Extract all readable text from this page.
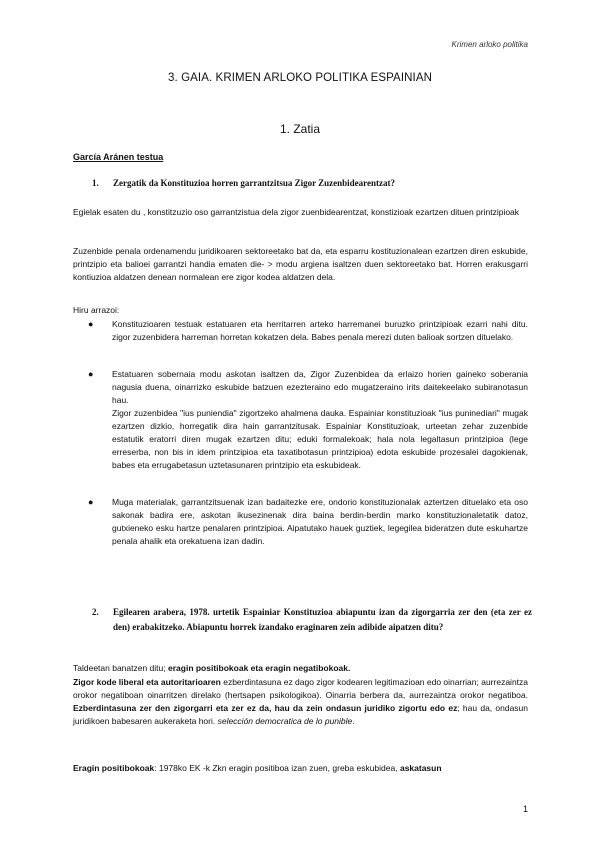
Krimen arloko politika
3. GAIA. KRIMEN ARLOKO POLITIKA ESPAINIAN
1. Zatia
García Aránen testua
1. Zergatik da Konstituzioa horren garrantzitsua Zigor Zuzenbidearentzat?
Egielak esaten du , konstitzuzio oso garrantzistua dela zigor zuenbidearentzat, konstizioak ezartzen dituen printzipioak
Zuzenbide penala ordenamendu juridikoaren sektoreetako bat da, eta esparru kostituzionalean ezartzen diren eskubide, printzipio eta balioei garrantzi handia ematen die- > modu argiena isaltzen duen sektoreetako bat. Horren erakusgarri kontiuzioa aldatzen denean normalean ere zigor kodea aldatzen dela.
Hiru arrazoi:
● Konstituzioaren testuak estatuaren eta herritarren arteko harremanei buruzko printzipioak ezarri nahi ditu. zigor zuzenbidera harreman horretan kokatzen dela. Babes penala merezi duten balioak sortzen dituelako.
● Estatuaren sobernaia modu askotan isaltzen da, Zigor Zuzenbidea da erlaizo horien gaineko soberania nagusia duena, oinarrizko eskubide batzuen ezezteraino edo mugatzeraino irits daitekeelako subiranotasun hau.
Zigor zuzenbidea "ius puniendia" zigortzeko ahalmena dauka. Espainiar konstituzioak "ius puninediari" mugak ezartzen dizkio, horregatik dira hain garrantzitusak. Espainiar Konstituzioak, urteetan zehar zuzenbide estatutik eratorri diren mugak ezartzen ditu; eduki formalekoak; hala nola legaltasun printzipioa (lege erreserba, non bis in idem printzipioa eta taxatibotasun printzipioa) edota eskubide prozesalei dagokienak, babes eta errugabetasun uztetasunaren printzipio eta eskubideak.
● Muga materialak, garrantzitsuenak izan badaitezke ere, ondorio konstituzionalak aztertzen dituelako eta oso sakonak badira ere, askotan ikusezinenak dira baina berdin-berdin marko konstituzionaletatik datoz, gutxieneko esku hartze penalaren printzipioa. Aipatutako hauek guztiek, legegilea bideratzen dute eskuhartze penala ahalik eta orekatuena izan dadin.
2. Egilearen arabera, 1978. urtetik Espainiar Konstituzioa abiapuntu izan da zigorgarria zer den (eta zer ez den) erabakitzeko. Abiapuntu horrek izandako eraginaren zein adibide aipatzen ditu?
Taldeetan banatzen ditu; eragin positibokoak eta eragin negatibokoak.
Zigor kode liberal eta autoritarioaren ezberdintasuna ez dago zigor kodearen legitimazioan edo oinarrian; aurrezaintza orokor negatiboan oinarritzen direlako (hertsapen psikologikoa). Oinarria berbera da, aurrezaintza orokor negatiboa. Ezberdintasuna zer den zigorgarri eta zer ez da, hau da zein ondasun juridiko zigortu edo ez; hau da, ondasun juridikoen babesaren aukeraketa hori. selección democratica de lo punible.
Eragin positibokoak: 1978ko EK -k Zkn eragin positiboa izan zuen, greba eskubidea, askatasun
1
